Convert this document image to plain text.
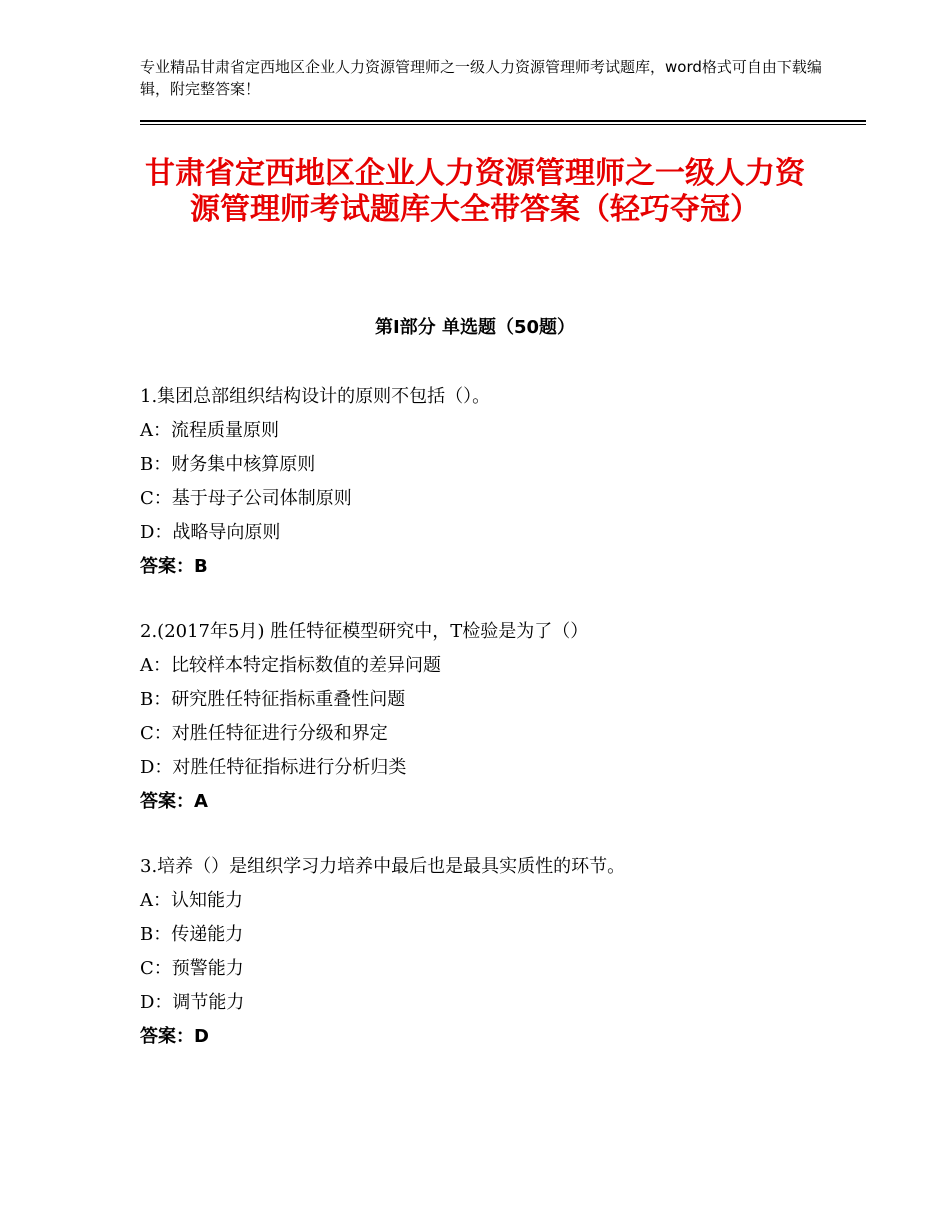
专业精品甘肃省定西地区企业人力资源管理师之一级人力资源管理师考试题库，word格式可自由下载编辑，附完整答案！
甘肃省定西地区企业人力资源管理师之一级人力资源管理师考试题库大全带答案（轻巧夺冠）
第Ⅰ部分 单选题（50题）
1.集团总部组织结构设计的原则不包括（）。
A：流程质量原则
B：财务集中核算原则
C：基于母子公司体制原则
D：战略导向原则
答案：B
2.(2017年5月) 胜任特征模型研究中，T检验是为了（）
A：比较样本特定指标数值的差异问题
B：研究胜任特征指标重叠性问题
C：对胜任特征进行分级和界定
D：对胜任特征指标进行分析归类
答案：A
3.培养（）是组织学习力培养中最后也是最具实质性的环节。
A：认知能力
B：传递能力
C：预警能力
D：调节能力
答案：D
